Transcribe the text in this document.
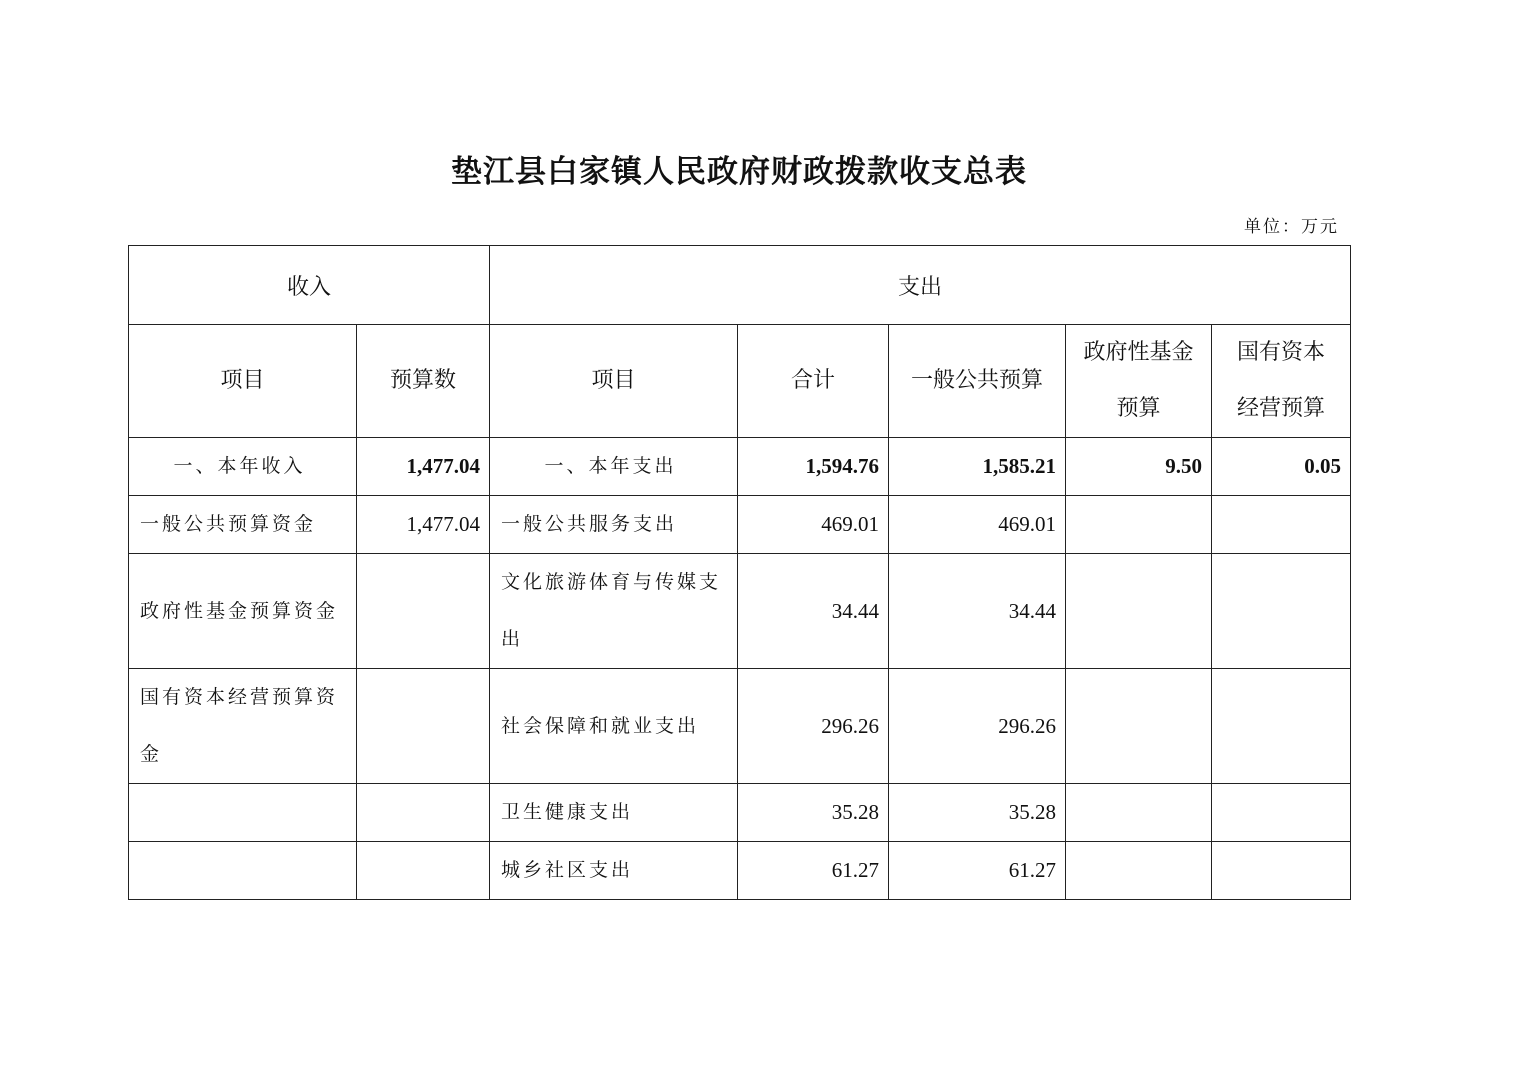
垫江县白家镇人民政府财政拨款收支总表
单位：万元
收入		支出				
项目	预算数	项目	合计	一般公共预算	政府性基金预算	国有资本经营预算
一、本年收入	1,477.04	一、本年支出	1,594.76	1,585.21	9.50	0.05
一般公共预算资金	1,477.04	一般公共服务支出	469.01	469.01		
政府性基金预算资金		文化旅游体育与传媒支出	34.44	34.44		
国有资本经营预算资金		社会保障和就业支出	296.26	296.26		
		卫生健康支出	35.28	35.28		
		城乡社区支出	61.27	61.27		
